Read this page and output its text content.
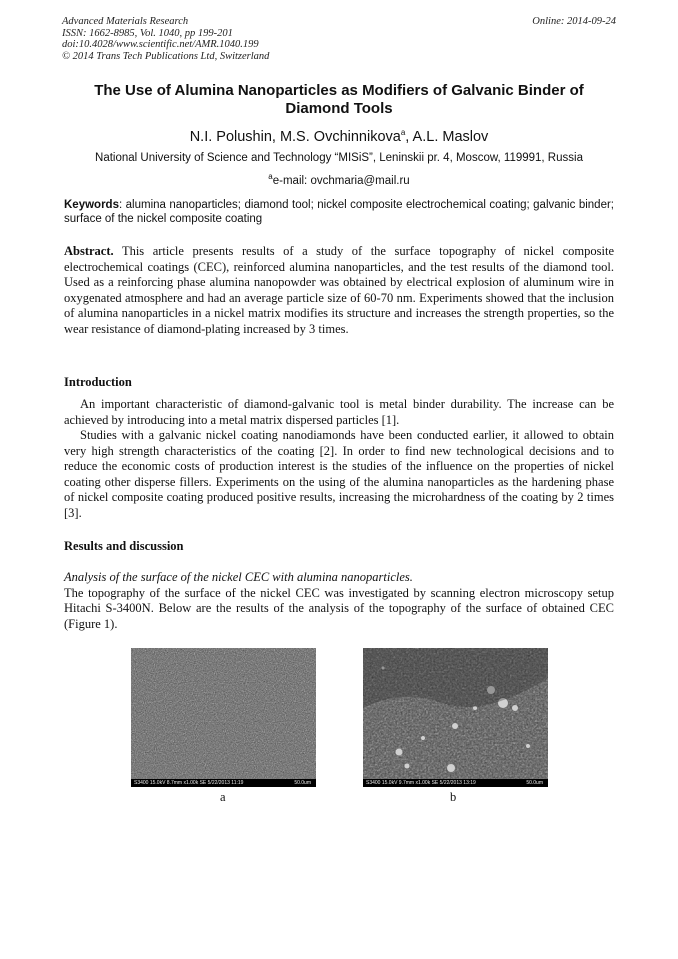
Advanced Materials Research
ISSN: 1662-8985, Vol. 1040, pp 199-201
doi:10.4028/www.scientific.net/AMR.1040.199
© 2014 Trans Tech Publications Ltd, Switzerland
Online: 2014-09-24
The Use of Alumina Nanoparticles as Modifiers of Galvanic Binder of Diamond Tools
N.I. Polushin, M.S. Ovchinnikova$^a$, A.L. Maslov
National University of Science and Technology “MISiS”, Leninskii pr. 4, Moscow, 119991, Russia
$^a$e-mail: ovchmaria@mail.ru
Keywords: alumina nanoparticles; diamond tool; nickel composite electrochemical coating; galvanic binder; surface of the nickel composite coating
Abstract. This article presents results of a study of the surface topography of nickel composite electrochemical coatings (CEC), reinforced alumina nanoparticles, and the test results of the diamond tool. Used as a reinforcing phase alumina nanopowder was obtained by electrical explosion of aluminum wire in oxygenated atmosphere and had an average particle size of 60-70 nm. Experiments showed that the inclusion of alumina nanoparticles in a nickel matrix modifies its structure and increases the strength properties, so the wear resistance of diamond-plating increased by 3 times.
Introduction

An important characteristic of diamond-galvanic tool is metal binder durability. The increase can be achieved by introducing into a metal matrix dispersed particles [1].

Studies with a galvanic nickel coating nanodiamonds have been conducted earlier, it allowed to obtain very high strength characteristics of the coating [2]. In order to find new technological decisions and to reduce the economic costs of production interest is the studies of the influence on the properties of nickel coating other disperse fillers. Experiments on the using of the alumina nanoparticles as the hardening phase of nickel composite coating produced positive results, increasing the microhardness of the coating by 2 times [3].

Results and discussion
Analysis of the surface of the nickel CEC with alumina nanoparticles.
The topography of the surface of the nickel CEC was investigated by scanning electron microscopy setup Hitachi S-3400N. Below are the results of the analysis of the topography of the surface of obtained CEC (Figure 1).
S3400 15.0kV 8.7mm x1.00k SE 5/22/2013 11:19	50.0um	S3400 15.0kV 9.7mm x1.00k SE 5/22/2013 13:19	50.0um
a	b
